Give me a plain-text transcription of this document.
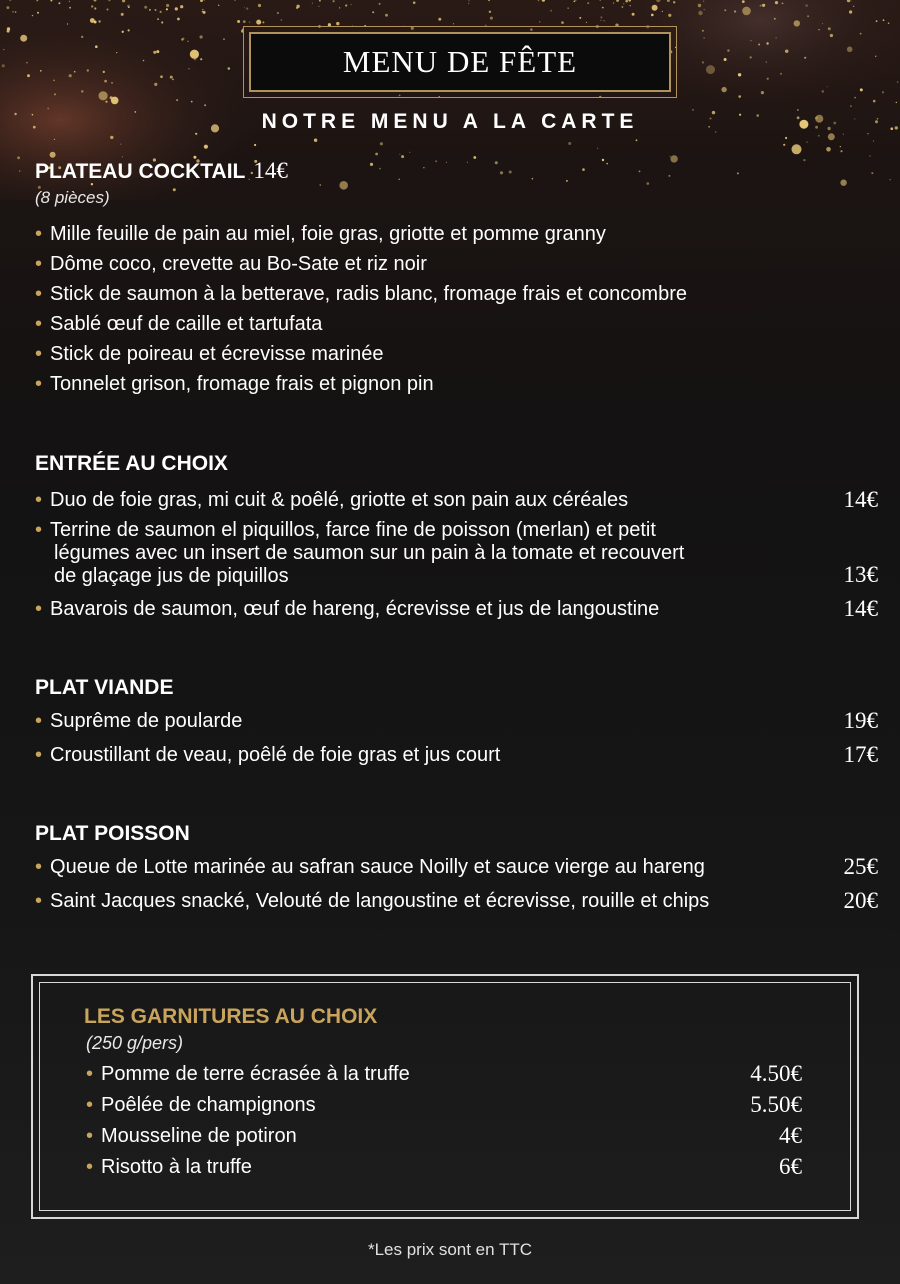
MENU DE FÊTE
NOTRE MENU A LA CARTE
PLATEAU COCKTAIL 14€
(8 pièces)
• Mille feuille de pain au miel, foie gras, griotte et pomme granny
• Dôme coco, crevette au Bo-Sate et riz noir
• Stick de saumon à la betterave, radis blanc, fromage frais et concombre
• Sablé œuf de caille et tartufata
• Stick de poireau et écrevisse marinée
• Tonnelet grison, fromage frais et pignon pin
ENTRÉE AU CHOIX
• Duo de foie gras, mi cuit & poêlé, griotte et son pain aux céréales	14€
• Terrine de saumon el piquillos, farce fine de poisson (merlan) et petit
légumes avec un insert de saumon sur un pain à la tomate et recouvert
de glaçage jus de piquillos	13€
• Bavarois de saumon, œuf de hareng, écrevisse et jus de langoustine	14€
PLAT VIANDE
• Suprême de poularde	19€
• Croustillant de veau, poêlé de foie gras et jus court	17€
PLAT POISSON
• Queue de Lotte marinée au safran sauce Noilly et sauce vierge au hareng	25€
• Saint Jacques snacké, Velouté de langoustine et écrevisse, rouille et chips	20€
LES GARNITURES AU CHOIX
(250 g/pers)
• Pomme de terre écrasée à la truffe	4.50€
• Poêlée de champignons	5.50€
• Mousseline de potiron	4€
• Risotto à la truffe	6€
*Les prix sont en TTC
